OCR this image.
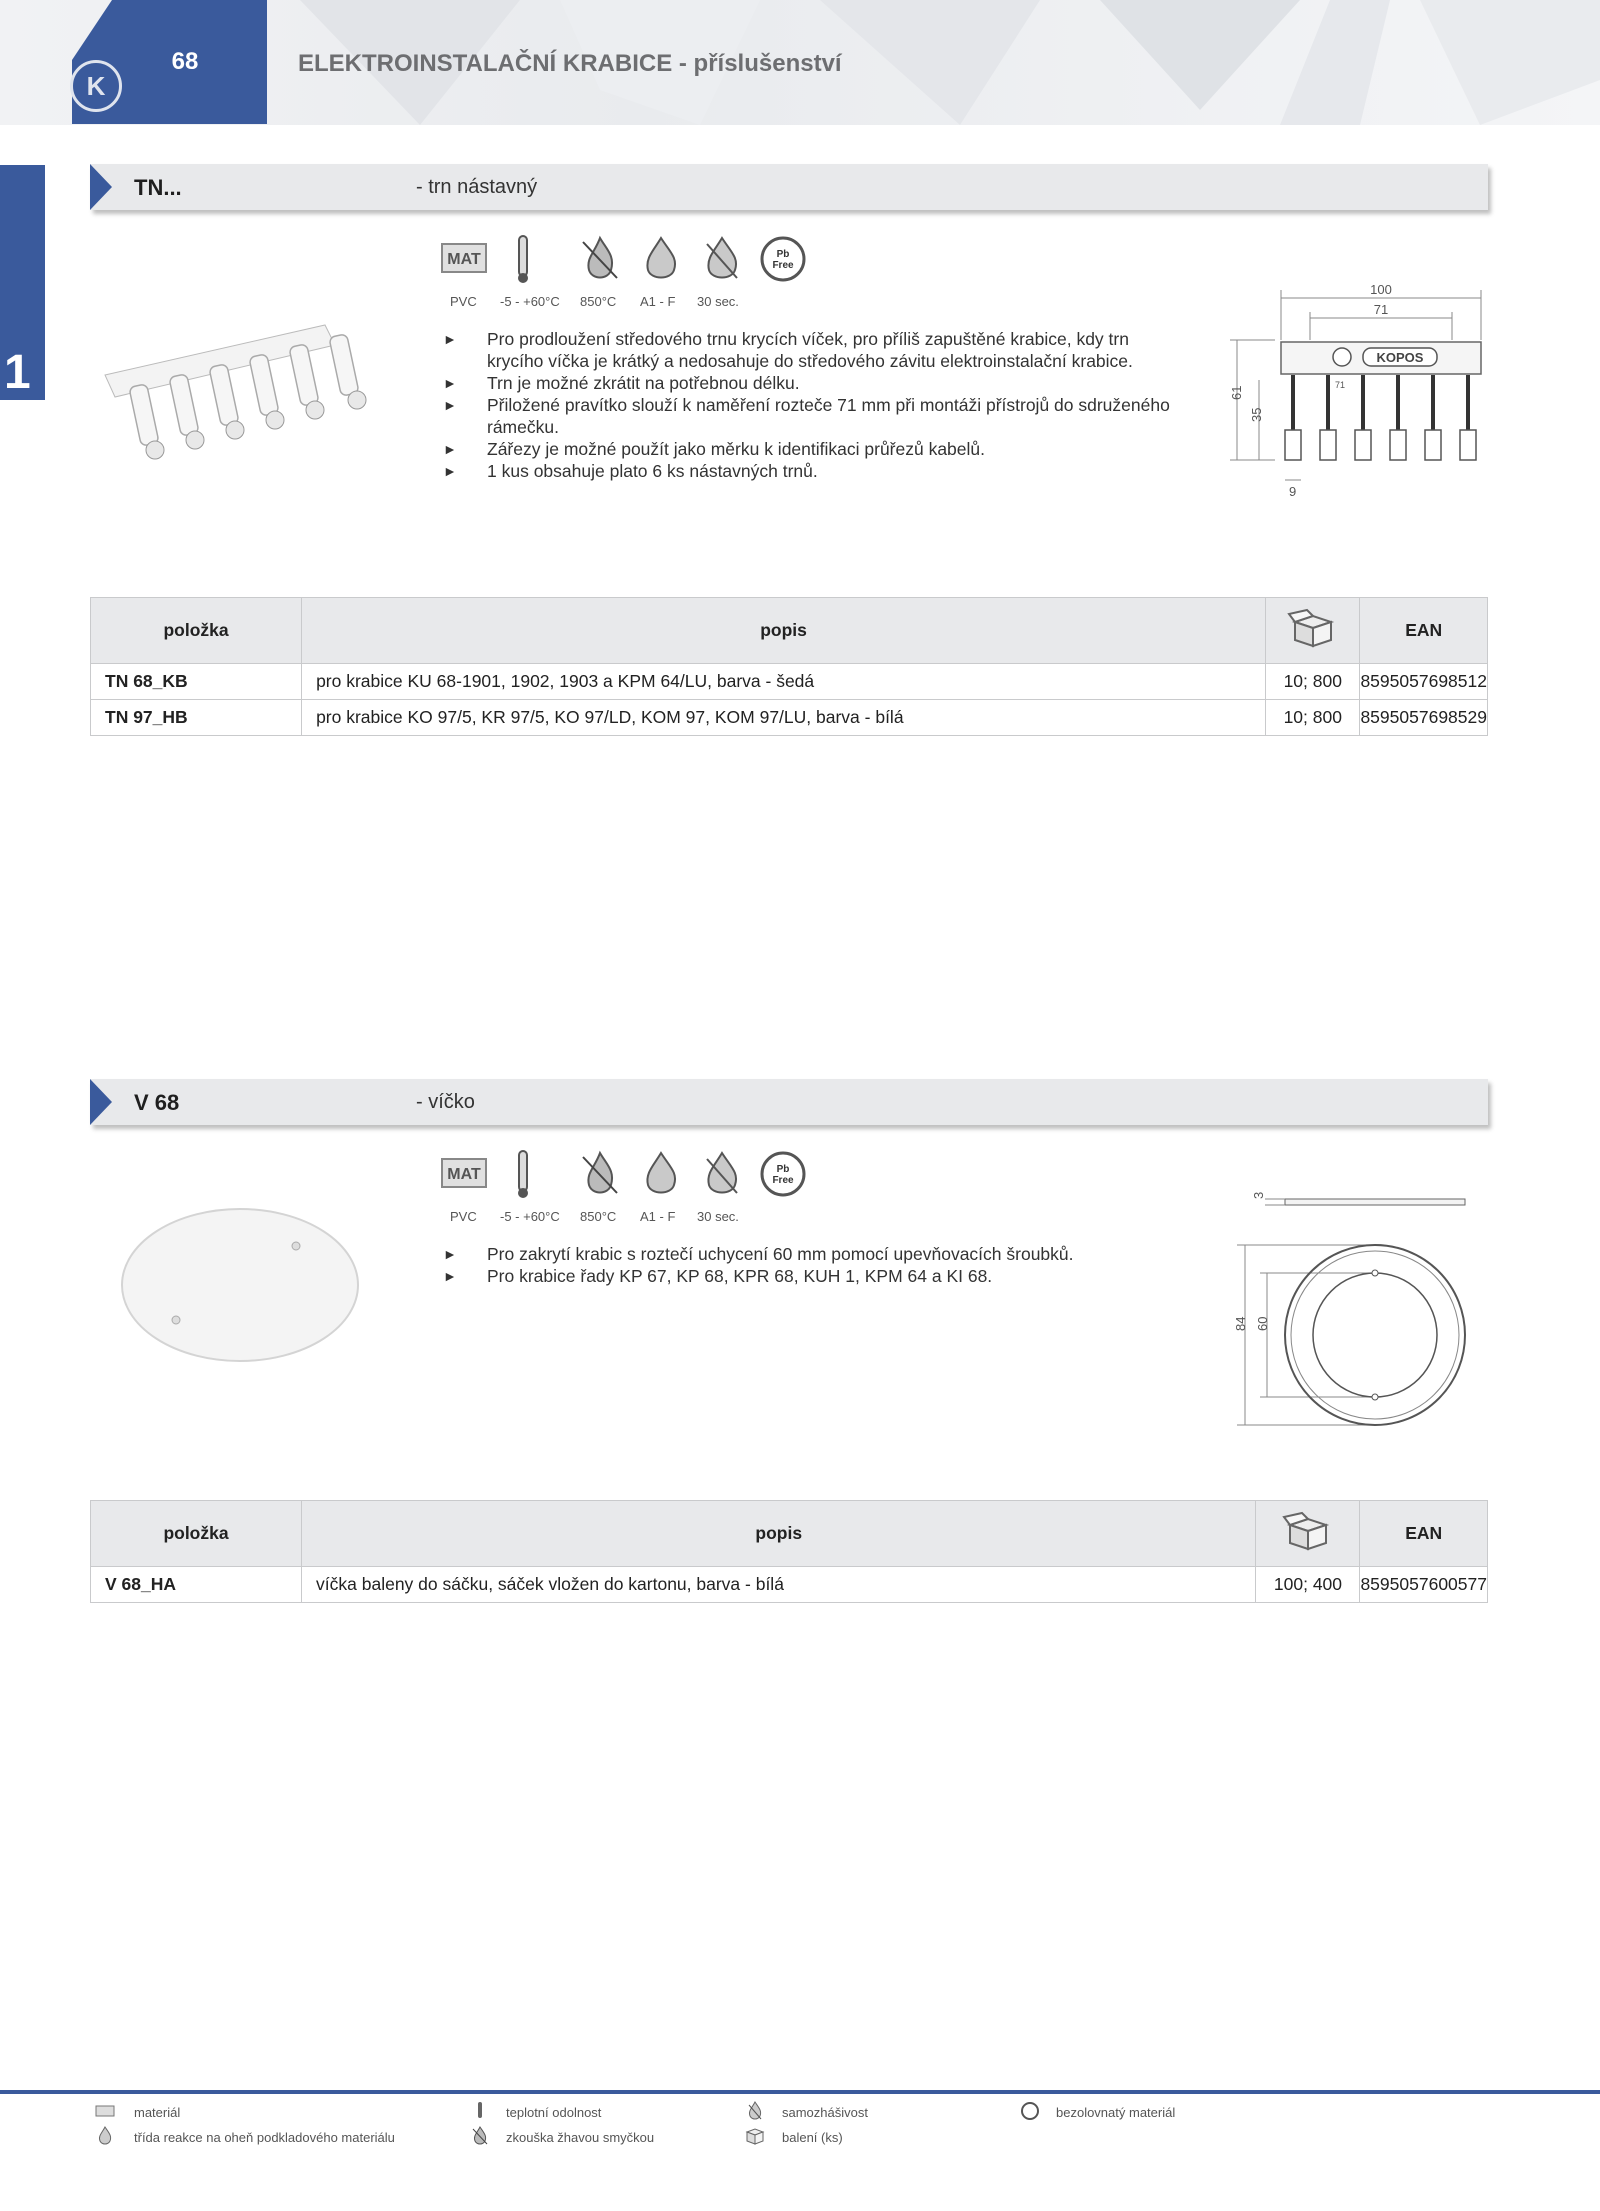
K
68	ELEKTROINSTALAČNÍ KRABICE - příslušenství
1
TN...	- trn nástavný
MAT	Pb
Free
PVC -5 - +60°C 850°C A1 - F 30 sec.
► Pro prodloužení středového trnu krycích víček, pro příliš zapuštěné krabice, kdy trn krycího víčka je krátký a nedosahuje do středového závitu elektroinstalační krabice.
► Trn je možné zkrátit na potřebnou délku.
► Přiložené pravítko slouží k naměření rozteče 71 mm při montáži přístrojů do sdruženého rámečku.
► Zářezy je možné použít jako měrku k identifikaci průřezů kabelů.
► 1 kus obsahuje plato 6 ks nástavných trnů.
KOPOS
100
71
71
61
35
9
položka	popis		EAN
TN 68_KB	pro krabice KU 68-1901, 1902, 1903 a KPM 64/LU, barva - šedá	10; 800	8595057698512
TN 97_HB	pro krabice KO 97/5, KR 97/5, KO 97/LD, KOM 97, KOM 97/LU, barva - bílá	10; 800	8595057698529
V 68	- víčko
MAT	Pb
Free
PVC -5 - +60°C 850°C A1 - F 30 sec.
► Pro zakrytí krabic s roztečí uchycení 60 mm pomocí upevňovacích šroubků.
► Pro krabice řady KP 67, KP 68, KPR 68, KUH 1, KPM 64 a KI 68.
3
84 60
položka	popis		EAN
V 68_HA	víčka baleny do sáčku, sáček vložen do kartonu, barva - bílá	100; 400	8595057600577
materiál
třída reakce na oheň podkladového materiálu
teplotní odolnost
zkouška žhavou smyčkou
samozhášivost
balení (ks)
bezolovnatý materiál
